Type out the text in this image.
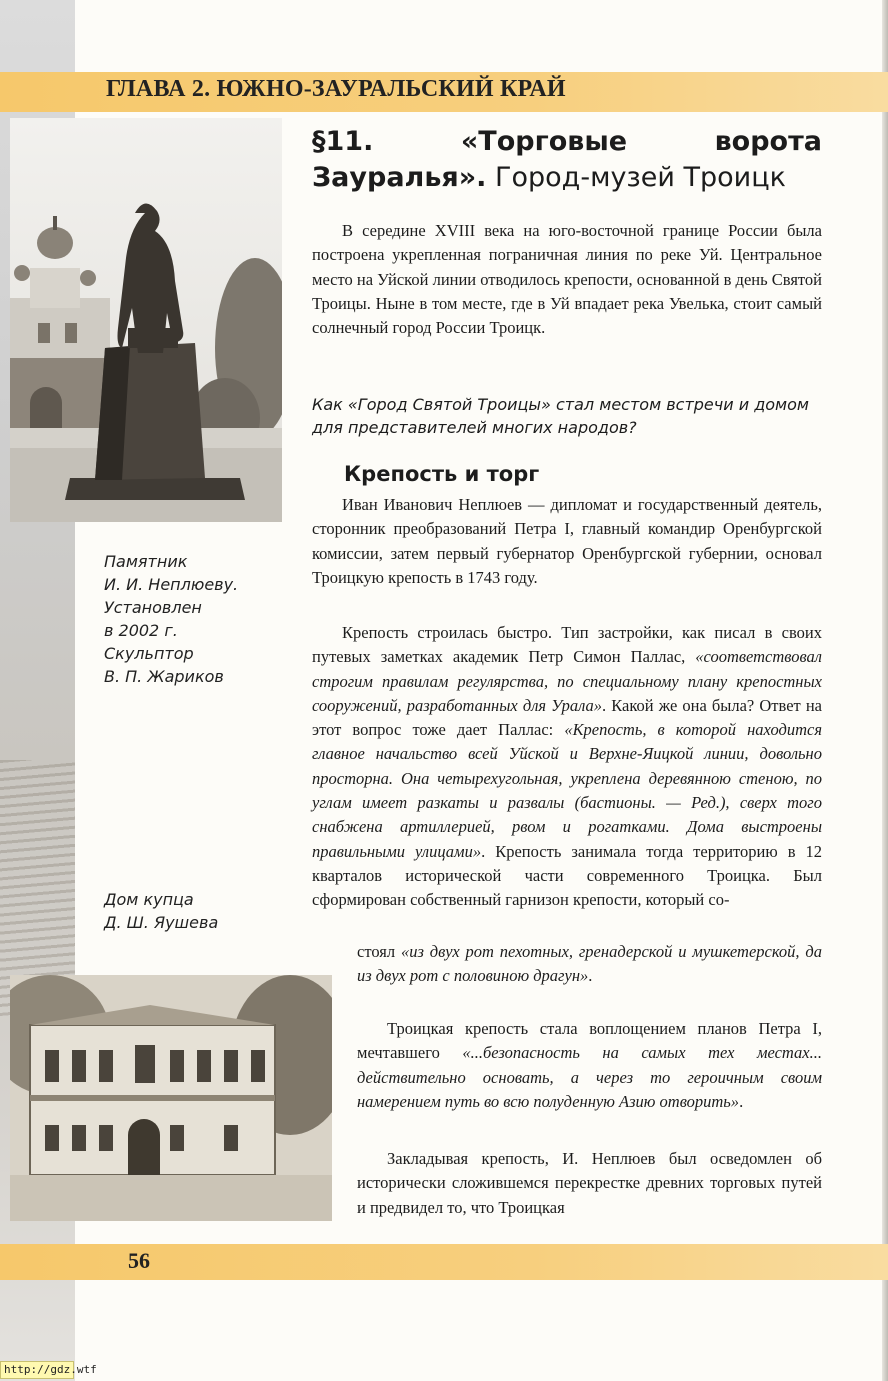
ГЛАВА 2. ЮЖНО-ЗАУРАЛЬСКИЙ КРАЙ
Памятник
И. И. Неплюеву.
Установлен
в 2002 г.
Скульптор
В. П. Жариков
Дом купца
Д. Ш. Яушева
§11.	«Торговые	ворота
Зауралья». Город-музей Троицк

В середине XVIII века на юго-восточной границе России была построена укрепленная пограничная линия по реке Уй. Центральное место на Уйской линии отводилось крепости, основанной в день Святой Троицы. Ныне в том месте, где в Уй впадает река Увелька, стоит самый солнечный город России Троицк.

Как «Город Святой Троицы» стал местом встречи и домом для представителей многих народов?

Крепость и торг

Иван Иванович Неплюев — дипломат и государственный деятель, сторонник преобразований Петра I, главный командир Оренбургской комиссии, затем первый губернатор Оренбургской губернии, основал Троицкую крепость в 1743 году.

Крепость строилась быстро. Тип застройки, как писал в своих путевых заметках академик Петр Симон Паллас, «соответствовал строгим правилам регулярства, по специальному плану крепостных сооружений, разработанных для Урала». Какой же она была? Ответ на этот вопрос тоже дает Паллас: «Крепость, в которой находится главное начальство всей Уйской и Верхне-Яицкой линии, довольно просторна. Она четырехугольная, укреплена деревянною стеною, по углам имеет разкаты и развалы (бастионы. — Ред.), сверх того снабжена артиллерией, рвом и рогатками. Дома выстроены правильными улицами». Крепость занимала тогда территорию в 12 кварталов исторической части современного Троицка. Был сформирован собственный гарнизон крепости, который со-

стоял «из двух рот пехотных, гренадерской и мушкетерской, да из двух рот с половиною драгун».

Троицкая крепость стала воплощением планов Петра I, мечтавшего «...безопасность на самых тех местах... действительно основать, а через то героичным своим намерением путь во всю полуденную Азию отворить».

Закладывая крепость, И. Неплюев был осведомлен об исторически сложившемся перекрестке древних торговых путей и предвидел то, что Троицкая

56
http://gdz.wtf
